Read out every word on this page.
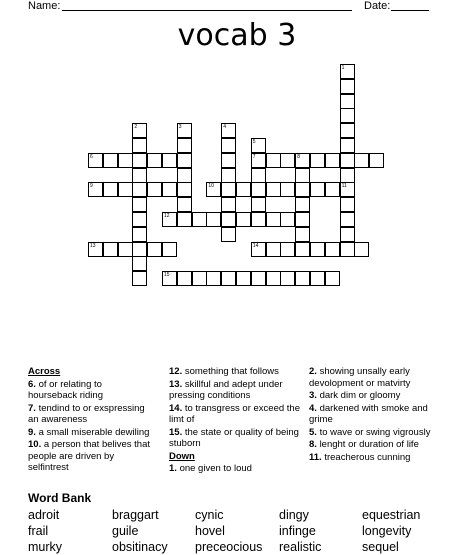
Name:	Date:
vocab 3
6	7	8
9	10
12
13	14
15
1
2	3	4
5
11

Across

6. of or relating to hourseback riding

7. tendind to or exspressing an awareness

9. a small miserable dewiling

10. a person that belives that people are driven by selfintrest

12. something that follows

13. skillful and adept under pressing conditions

14. to transgress or exceed the limt of

15. the state or quality of being stuborn

Down

1. one given to loud

2. showing unsally early devolopment or matvirty

3. dark dim or gloomy

4. darkened with smoke and grime

5. to wave or swing vigrously

8. lenght or duration of life

11. treacherous cunning

Word Bank
adroit	braggart	cynic	dingy	equestrian
frail	guile	hovel	infinge	longevity
murky	obsitinacy preceocious realistic	sequel
